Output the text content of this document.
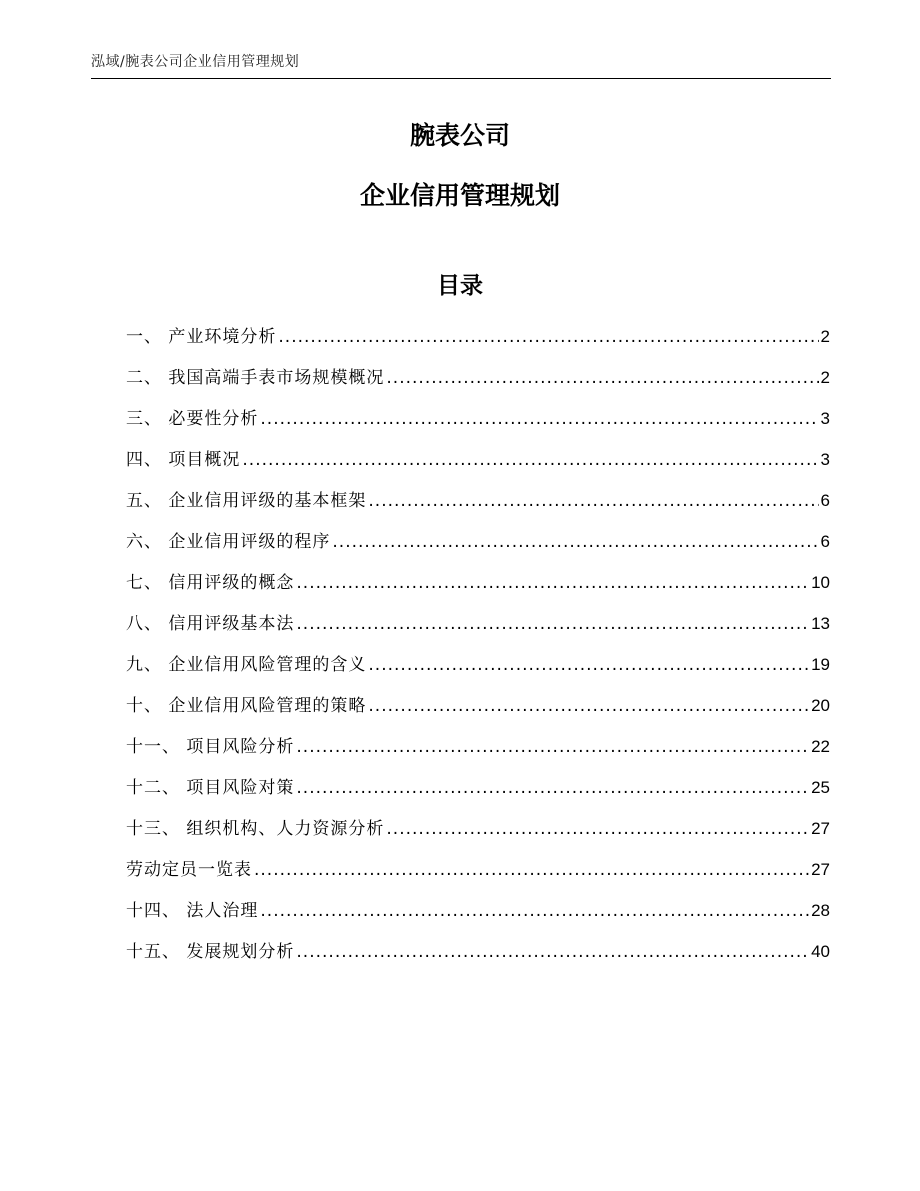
泓域/腕表公司企业信用管理规划
腕表公司
企业信用管理规划
目录
一、 产业环境分析 .....	2
二、 我国高端手表市场规模概况 .....	2
三、 必要性分析 .....	3
四、 项目概况 .....	3
五、 企业信用评级的基本框架 .....	6
六、 企业信用评级的程序 .....	6
七、 信用评级的概念 .....	10
八、 信用评级基本法 .....	13
九、 企业信用风险管理的含义 .....	19
十、 企业信用风险管理的策略 .....	20
十一、 项目风险分析 .....	22
十二、 项目风险对策 .....	25
十三、 组织机构、人力资源分析 .....	27
劳动定员一览表 .....	27
十四、 法人治理 .....	28
十五、 发展规划分析 .....	40
